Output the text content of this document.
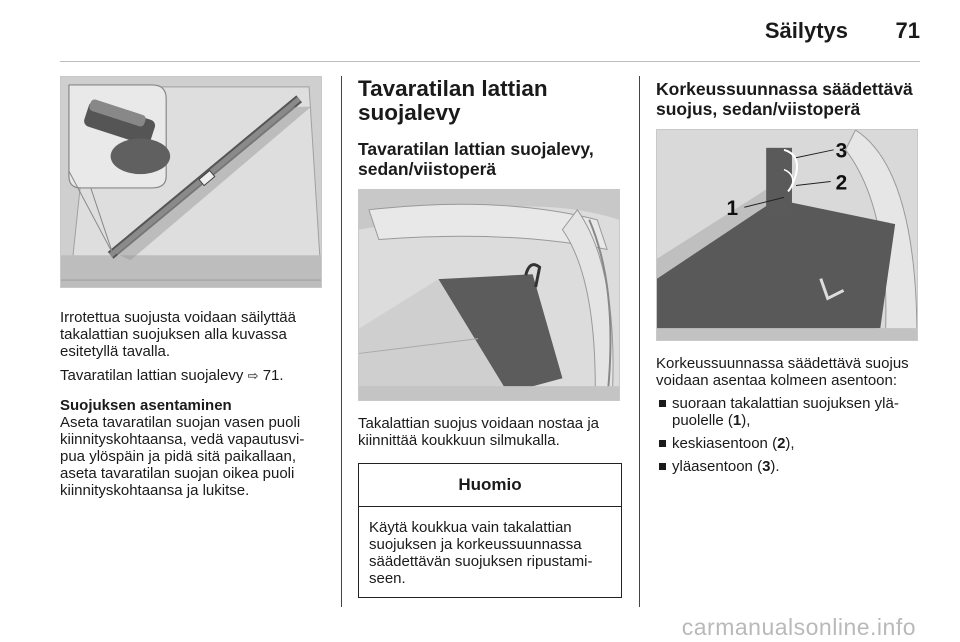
Säilytys 71

Irrotettua suojusta voidaan säilyttää takalattian suojuksen alla kuvassa esitetyllä tavalla.

Tavaratilan lattian suojalevy ⇨ 71.

Suojuksen asentaminen

Aseta tavaratilan suojan vasen puoli kiinnityskohtaansa, vedä vapautusvipua ylöspäin ja pidä sitä paikallaan, aseta tavaratilan suojan oikea puoli kiinnityskohtaansa ja lukitse.

Tavaratilan lattian suojalevy
Tavaratilan lattian suojalevy, sedan/viistoperä

Takalattian suojus voidaan nostaa ja kiinnittää koukkuun silmukalla.

Huomio
Käytä koukkua vain takalattian suojuksen ja korkeussuunnassa säädettävän suojuksen ripustamiseen.
Korkeussuunnassa säädettävä suojus, sedan/viistoperä
1
2
3

Korkeussuunnassa säädettävä suojus voidaan asentaa kolmeen asentoon:

suoraan takalattian suojuksen yläpuolelle (1),
keskiasentoon (2),
yläasentoon (3).
carmanualsonline.info
